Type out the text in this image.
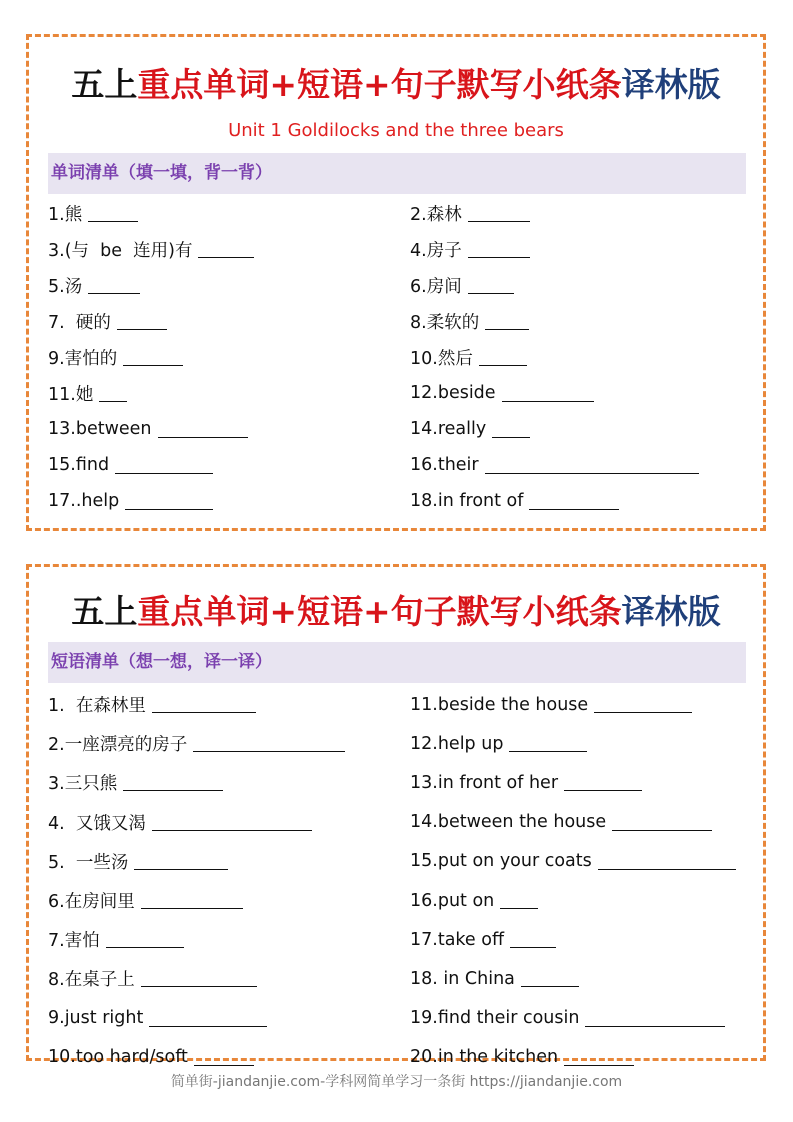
五上重点单词+短语+句子默写小纸条译林版
Unit 1 Goldilocks and the three bears
单词清单（填一填，背一背）
1.熊	2.森林
3.(与  be  连用)有	4.房子
5.汤	6.房间
7.  硬的	8.柔软的
9.害怕的	10.然后
11.她	12.beside
13.between	14.really
15.find	16.their
17..help	18.in front of
五上重点单词+短语+句子默写小纸条译林版
短语清单（想一想，译一译）
1.  在森林里	11.beside the house
2.一座漂亮的房子	12.help up
3.三只熊	13.in front of her
4.  又饿又渴	14.between the house
5.  一些汤	15.put on your coats
6.在房间里	16.put on
7.害怕	17.take off
8.在桌子上	18. in China
9.just right	19.find their cousin
10.too hard/soft	20.in the kitchen
简单街-jiandanjie.com-学科网简单学习一条街 https://jiandanjie.com
